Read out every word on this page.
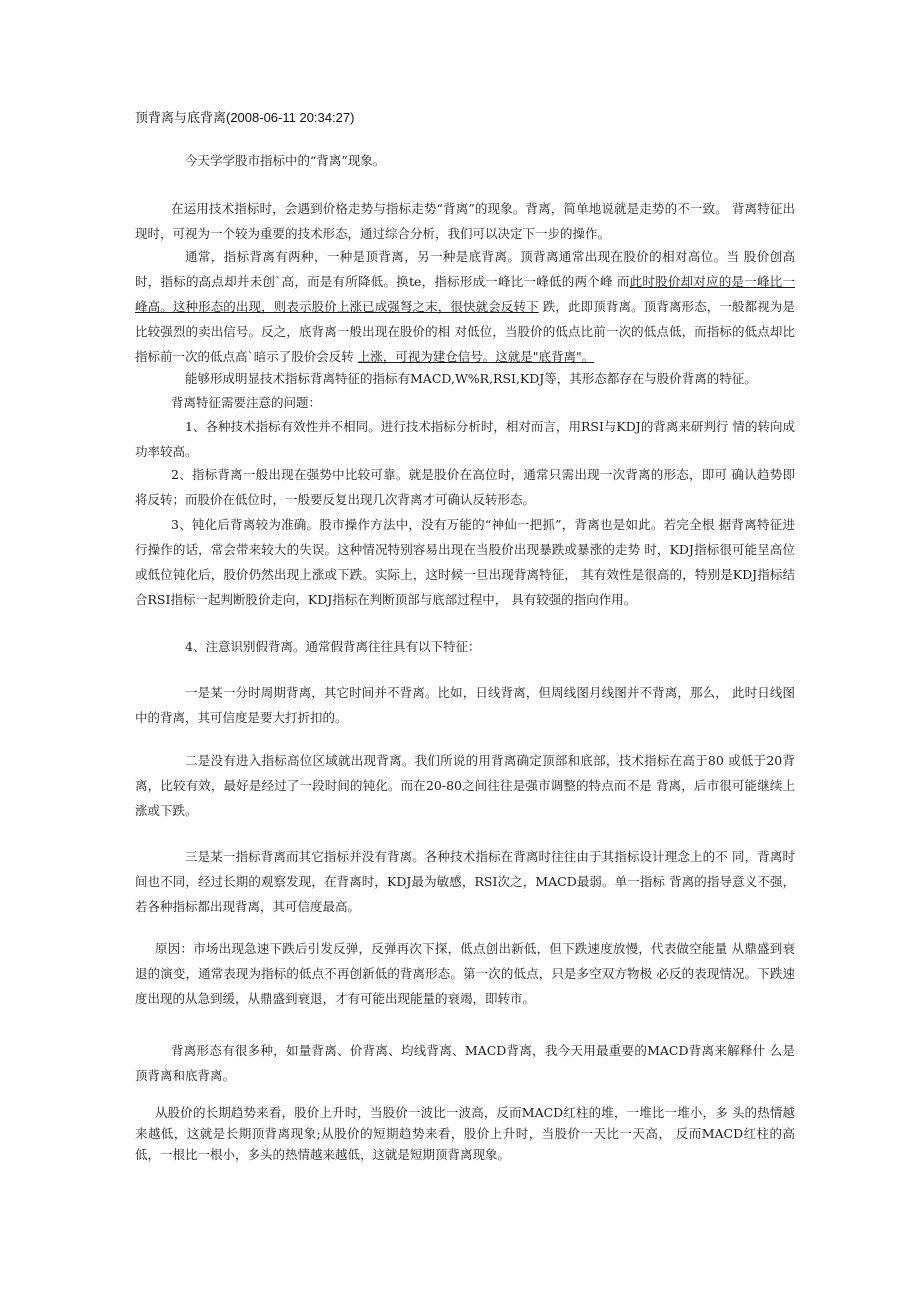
顶背离与底背离(2008-06-11 20:34:27)

今天学学股市指标中的“背离”现象。

在运用技术指标时，会遇到价格走势与指标走势“背离”的现象。背离，简单地说就是走势的不一致。 背离特征出现时，可视为一个较为重要的技术形态，通过综合分析，我们可以决定下一步的操作。

通常，指标背离有两种，一种是顶背离，另一种是底背离。顶背离通常出现在股价的相对高位。当 股价创高时，指标的高点却并未创`高，而是有所降低。换te，指标形成一峰比一峰低的两个峰 而此时股价却对应的是一峰比一峰高。这种形态的出现，则表示股价上涨已成强弩之末，很快就会反转下 跌，此即顶背离。顶背离形态，一般都视为是比较强烈的卖出信号。反之，底背离一般出现在股价的相 对低位，当股价的低点比前一次的低点低，而指标的低点却比指标前一次的低点高`暗示了股价会反转 上涨，可视为建仓信号。这就是"底背离"。

能够形成明显技术指标背离特征的指标有MACD,W%R,RSI,KDJ等，其形态都存在与股价背离的特征。

背离特征需要注意的问题：

1、各种技术指标有效性并不相同。进行技术指标分析时，相对而言，用RSI与KDJ的背离来研判行 情的转向成功率较高。

2、指标背离一般出现在强势中比较可靠。就是股价在高位时，通常只需出现一次背离的形态，即可 确认趋势即将反转；而股价在低位时，一般要反复出现几次背离才可确认反转形态。

3、钝化后背离较为准确。股市操作方法中，没有万能的“神仙一把抓”，背离也是如此。若完全根 据背离特征进行操作的话，常会带来较大的失误。这种情况特别容易出现在当股价出现暴跌或暴涨的走势 时，KDJ指标很可能呈高位或低位钝化后，股价仍然出现上涨或下跌。实际上，这时候一旦出现背离特征， 其有效性是很高的，特别是KDJ指标结合RSI指标一起判断股价走向，KDJ指标在判断顶部与底部过程中， 具有较强的指向作用。

4、注意识别假背离。通常假背离往往具有以下特征：

一是某一分时周期背离，其它时间并不背离。比如，日线背离，但周线图月线图并不背离，那么， 此时日线图中的背离，其可信度是要大打折扣的。

二是没有进入指标高位区域就出现背离。我们所说的用背离确定顶部和底部，技术指标在高于80 或低于20背离，比较有效，最好是经过了一段时间的钝化。而在20-80之间往往是强市调整的特点而不是 背离，后市很可能继续上涨或下跌。

三是某一指标背离而其它指标并没有背离。各种技术指标在背离时往往由于其指标设计理念上的不 同，背离时间也不同，经过长期的观察发现，在背离时，KDJ最为敏感，RSI次之，MACD最弱。单一指标 背离的指导意义不强，若各种指标都出现背离，其可信度最高。

原因：市场出现急速下跌后引发反弹，反弹再次下探，低点创出新低，但下跌速度放慢，代表做空能量 从鼎盛到衰退的演变，通常表现为指标的低点不再创新低的背离形态。第一次的低点，只是多空双方物极 必反的表现情况。下跌速度出现的从急到缓，从鼎盛到衰退，才有可能出现能量的衰竭，即转市。

背离形态有很多种，如量背离、价背离、均线背离、MACD背离，我今天用最重要的MACD背离来解释什 么是顶背离和底背离。

从股价的长期趋势来看，股价上升时，当股价一波比一波高，反而MACD红柱的堆，一堆比一堆小，多 头的热情越来越低，这就是长期顶背离现象;从股价的短期趋势来看，股价上升时，当股价一天比一天高， 反而MACD红柱的高低，一根比一根小，多头的热情越来越低，这就是短期顶背离现象。
